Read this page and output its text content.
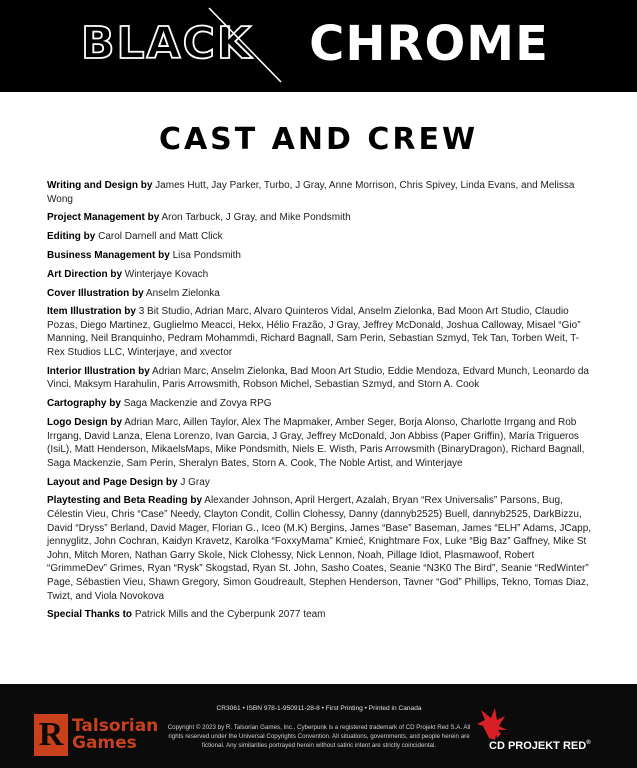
BLACK CHROME
CAST AND CREW

Writing and Design by James Hutt, Jay Parker, Turbo, J Gray, Anne Morrison, Chris Spivey, Linda Evans, and Melissa Wong

Project Management by Aron Tarbuck, J Gray, and Mike Pondsmith

Editing by Carol Darnell and Matt Click

Business Management by Lisa Pondsmith

Art Direction by Winterjaye Kovach

Cover Illustration by Anselm Zielonka

Item Illustration by 3 Bit Studio, Adrian Marc, Alvaro Quinteros Vidal, Anselm Zielonka, Bad Moon Art Studio, Claudio Pozas, Diego Martinez, Guglielmo Meacci, Hekx, Hélio Frazão, J Gray, Jeffrey McDonald, Joshua Calloway, Misael “Gio” Manning, Neil Branquinho, Pedram Mohammdi, Richard Bagnall, Sam Perin, Sebastian Szmyd, Tek Tan, Torben Weit, T-Rex Studios LLC, Winterjaye, and xvector

Interior Illustration by Adrian Marc, Anselm Zielonka, Bad Moon Art Studio, Eddie Mendoza, Edvard Munch, Leonardo da Vinci, Maksym Harahulin, Paris Arrowsmith, Robson Michel, Sebastian Szmyd, and Storn A. Cook

Cartography by Saga Mackenzie and Zovya RPG

Logo Design by Adrian Marc, Aillen Taylor, Alex The Mapmaker, Amber Seger, Borja Alonso, Charlotte Irrgang and Rob Irrgang, David Lanza, Elena Lorenzo, Ivan Garcia, J Gray, Jeffrey McDonald, Jon Abbiss (Paper Griffin), María Trigueros (IsiL), Matt Henderson, MikaelsMaps, Mike Pondsmith, Niels E. Wisth, Paris Arrowsmith (BinaryDragon), Richard Bagnall, Saga Mackenzie, Sam Perin, Sheralyn Bates, Storn A. Cook, The Noble Artist, and Winterjaye

Layout and Page Design by J Gray

Playtesting and Beta Reading by Alexander Johnson, April Hergert, Azalah, Bryan “Rex Universalis” Parsons, Bug, Célestin Vieu, Chris “Case” Needy, Clayton Condit, Collin Clohessy, Danny (dannyb2525) Buell, dannyb2525, DarkBizzu, David “Dryss” Berland, David Mager, Florian G., Iceo (M.K) Bergins, James “Base” Baseman, James “ELH” Adams, JCapp, jennyglitz, John Cochran, Kaidyn Kravetz, Karolka “FoxxyMama” Kmieć, Knightmare Fox, Luke “Big Baz” Gaffney, Mike St John, Mitch Moren, Nathan Garry Skole, Nick Clohessy, Nick Lennon, Noah, Pillage Idiot, Plasmawoof, Robert “GrimmeDev” Grimes, Ryan “Rysk” Skogstad, Ryan St. John, Sasho Coates, Seanie “N3K0 The Bird”, Seanie “RedWinter” Page, Sébastien Vieu, Shawn Gregory, Simon Goudreault, Stephen Henderson, Tavner “God” Phillips, Tekno, Tomas Diaz, Twizt, and Viola Novokova

Special Thanks to Patrick Mills and the Cyberpunk 2077 team

R Talsorian
Games
CR3061 • ISBN 978-1-950911-28-8 • First Printing • Printed in Canada
Copyright © 2023 by R. Talsorian Games, Inc., Cyberpunk is a registered trademark of CD Projekt Red S.A. All rights reserved under the Universal Copyrights Convention. All situations, governments, and people herein are fictional. Any similarities portrayed herein without satiric intent are strictly coincidental.	CD PROJEKT RED®
